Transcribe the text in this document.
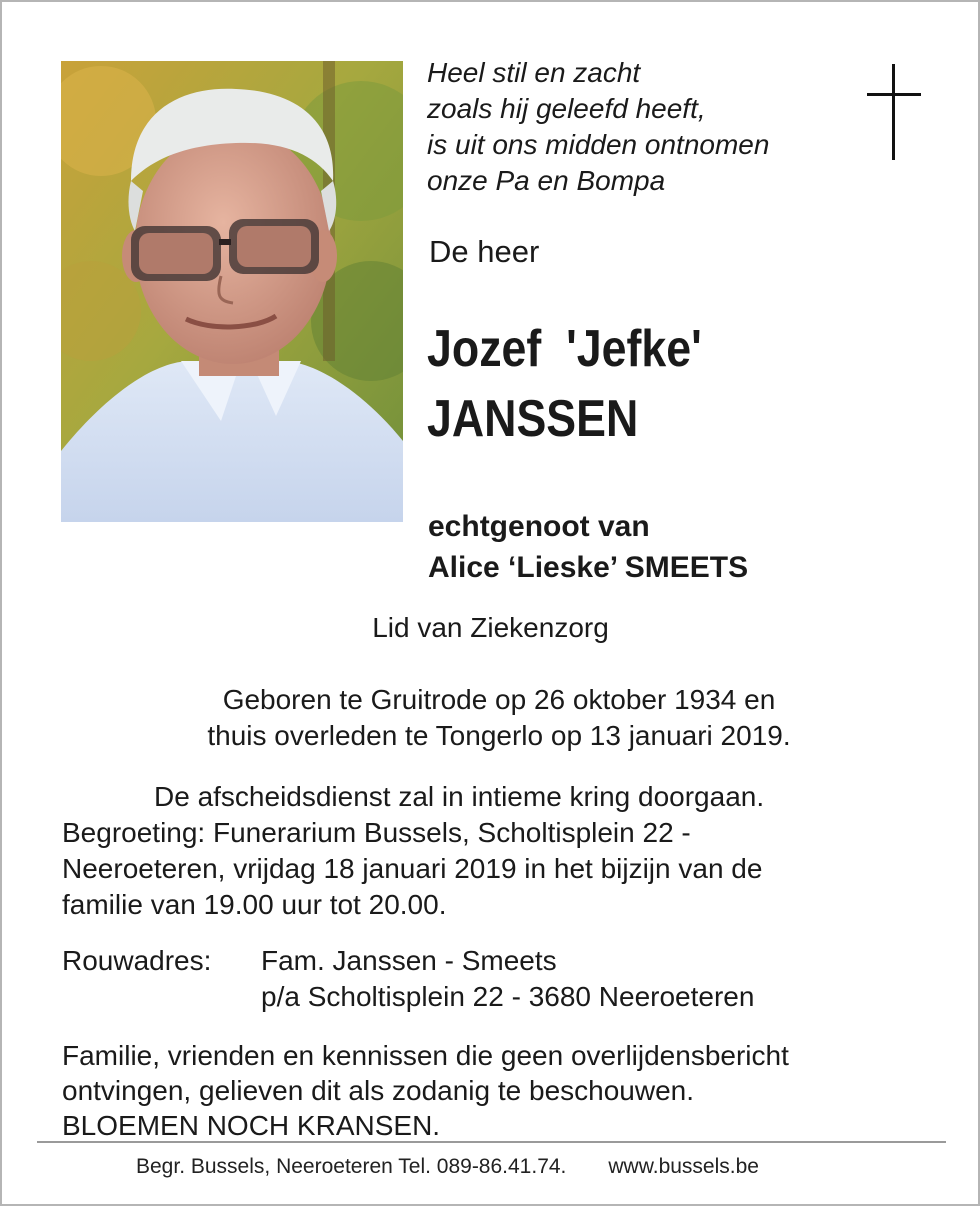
Heel stil en zacht
zoals hij geleefd heeft,
is uit ons midden ontnomen
onze Pa en Bompa
De heer
Jozef  'Jefke'
JANSSEN
echtgenoot van
Alice ‘Lieske’ SMEETS
Lid van Ziekenzorg
Geboren te Gruitrode op 26 oktober 1934 en
thuis overleden te Tongerlo op 13 januari 2019.
De afscheidsdienst zal in intieme kring doorgaan.
Begroeting: Funerarium Bussels, Scholtisplein 22 -
Neeroeteren, vrijdag 18 januari 2019 in het bijzijn van de
familie van 19.00 uur tot 20.00.
Rouwadres: Fam. Janssen - Smeets
p/a Scholtisplein 22 - 3680 Neeroeteren
Familie, vrienden en kennissen die geen overlijdensbericht
ontvingen, gelieven dit als zodanig te beschouwen.
BLOEMEN NOCH KRANSEN.
Begr. Bussels, Neeroeteren Tel. 089-86.41.74. www.bussels.be
